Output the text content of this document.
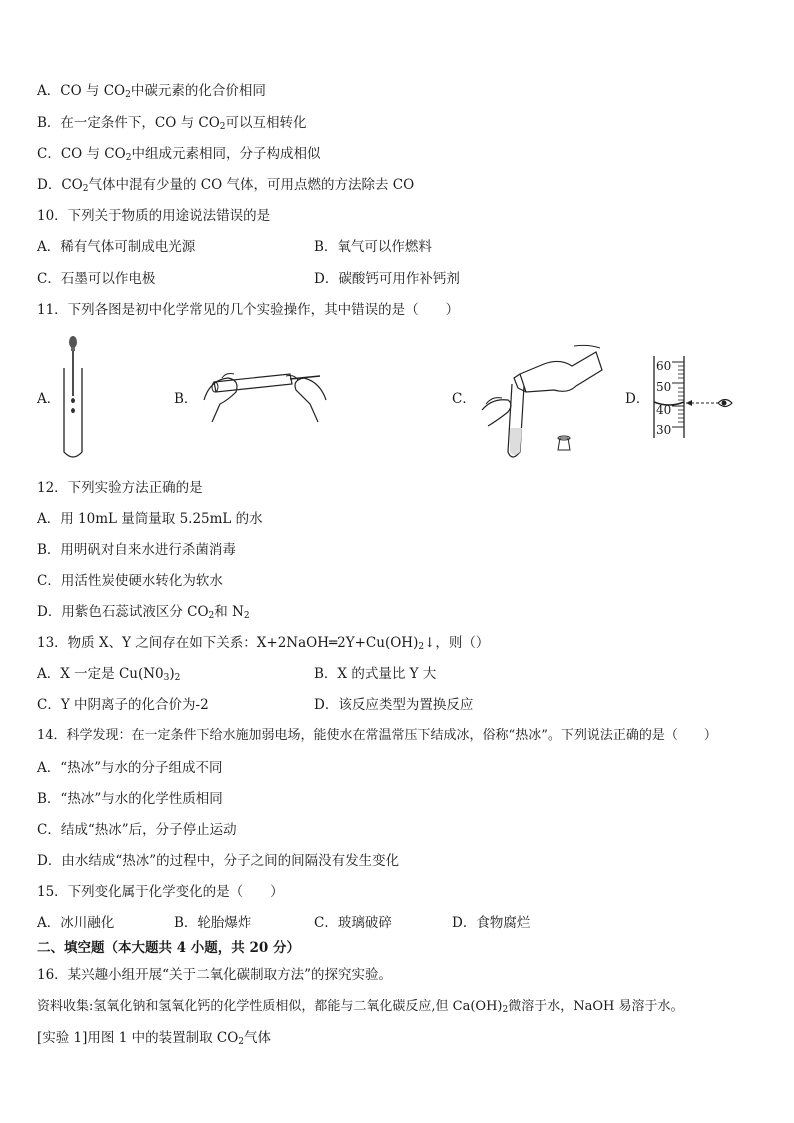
A．CO 与 $CO_2$中碳元素的化合价相同
B．在一定条件下，CO 与 $CO_2$可以互相转化
C．CO 与 $CO_2$中组成元素相同，分子构成相似
D．$CO_2$气体中混有少量的 CO 气体，可用点燃的方法除去 CO
10．下列关于物质的用途说法错误的是
A．稀有气体可制成电光源	B．氧气可以作燃料
C．石墨可以作电极	D．碳酸钙可用作补钙剂
11．下列各图是初中化学常见的几个实验操作，其中错误的是（　　）
A．	B．	C．	D．
60
50
40
30
12．下列实验方法正确的是
A．用 10mL 量筒量取 5.25mL 的水
B．用明矾对自来水进行杀菌消毒
C．用活性炭使硬水转化为软水
D．用紫色石蕊试液区分 $CO_2$和 $N_2$
13．物质 X、Y 之间存在如下关系：$X+2NaOH═2Y+Cu(OH)_2↓$，则（）
A．X 一定是 $Cu(N0_3)_2$	B．X 的式量比 Y 大
C．Y 中阴离子的化合价为-2	D．该反应类型为置换反应
14．科学发现：在一定条件下给水施加弱电场，能使水在常温常压下结成冰，俗称“热冰”。下列说法正确的是（　　）
A．“热冰”与水的分子组成不同
B．“热冰”与水的化学性质相同
C．结成“热冰”后，分子停止运动
D．由水结成“热冰”的过程中，分子之间的间隔没有发生变化
15．下列变化属于化学变化的是（　　）
A．冰川融化	B．轮胎爆炸	C．玻璃破碎	D．食物腐烂
二、填空题（本大题共 4 小题，共 20 分）
16．某兴趣小组开展“关于二氧化碳制取方法”的探究实验。
资料收集:氢氧化钠和氢氧化钙的化学性质相似，都能与二氧化碳反应,但 $Ca(OH)_2$微溶于水，NaOH 易溶于水。
[实验 1]用图 1 中的装置制取 $CO_2$气体
